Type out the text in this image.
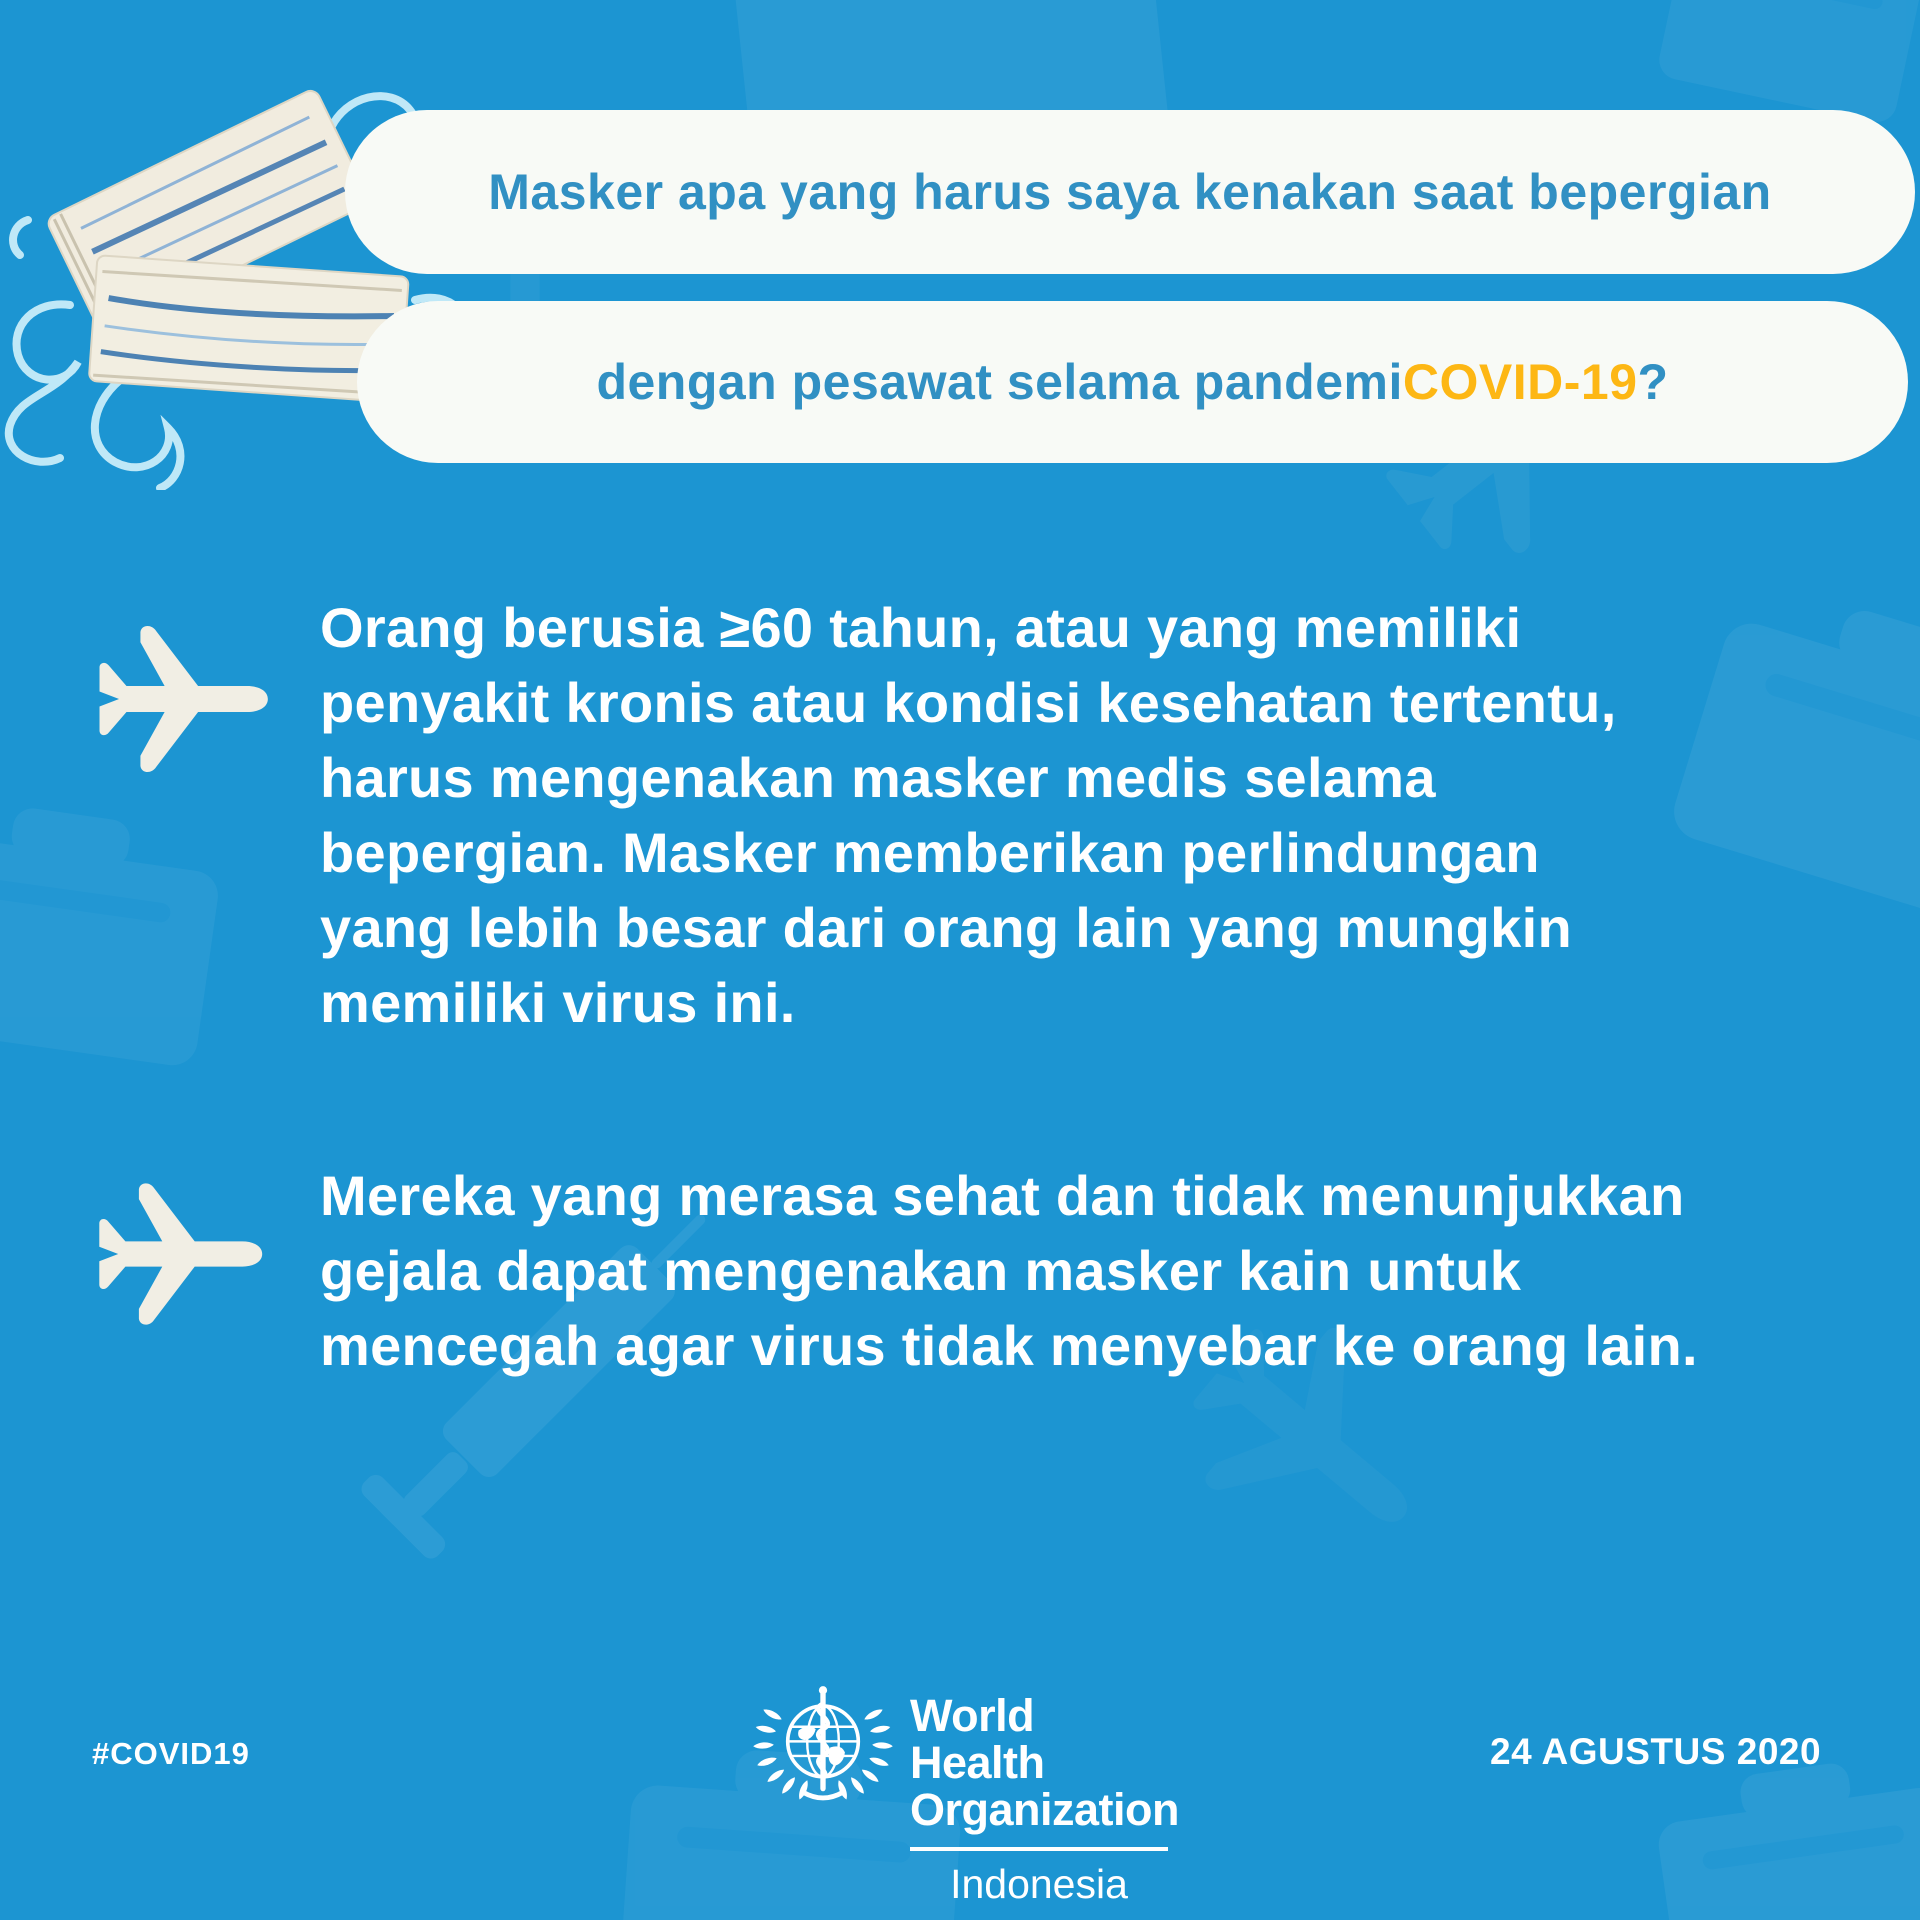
Masker apa yang harus saya kenakan saat bepergian
dengan pesawat selama pandemi COVID-19 ?
Orang berusia ≥60 tahun, atau yang memiliki
penyakit kronis atau kondisi kesehatan tertentu,
harus mengenakan masker medis selama
bepergian. Masker memberikan perlindungan
yang lebih besar dari orang lain yang mungkin
memiliki virus ini.
Mereka yang merasa sehat dan tidak menunjukkan
gejala dapat mengenakan masker kain untuk
mencegah agar virus tidak menyebar ke orang lain.
#COVID19
World Health
Organization
Indonesia
24 AGUSTUS 2020
